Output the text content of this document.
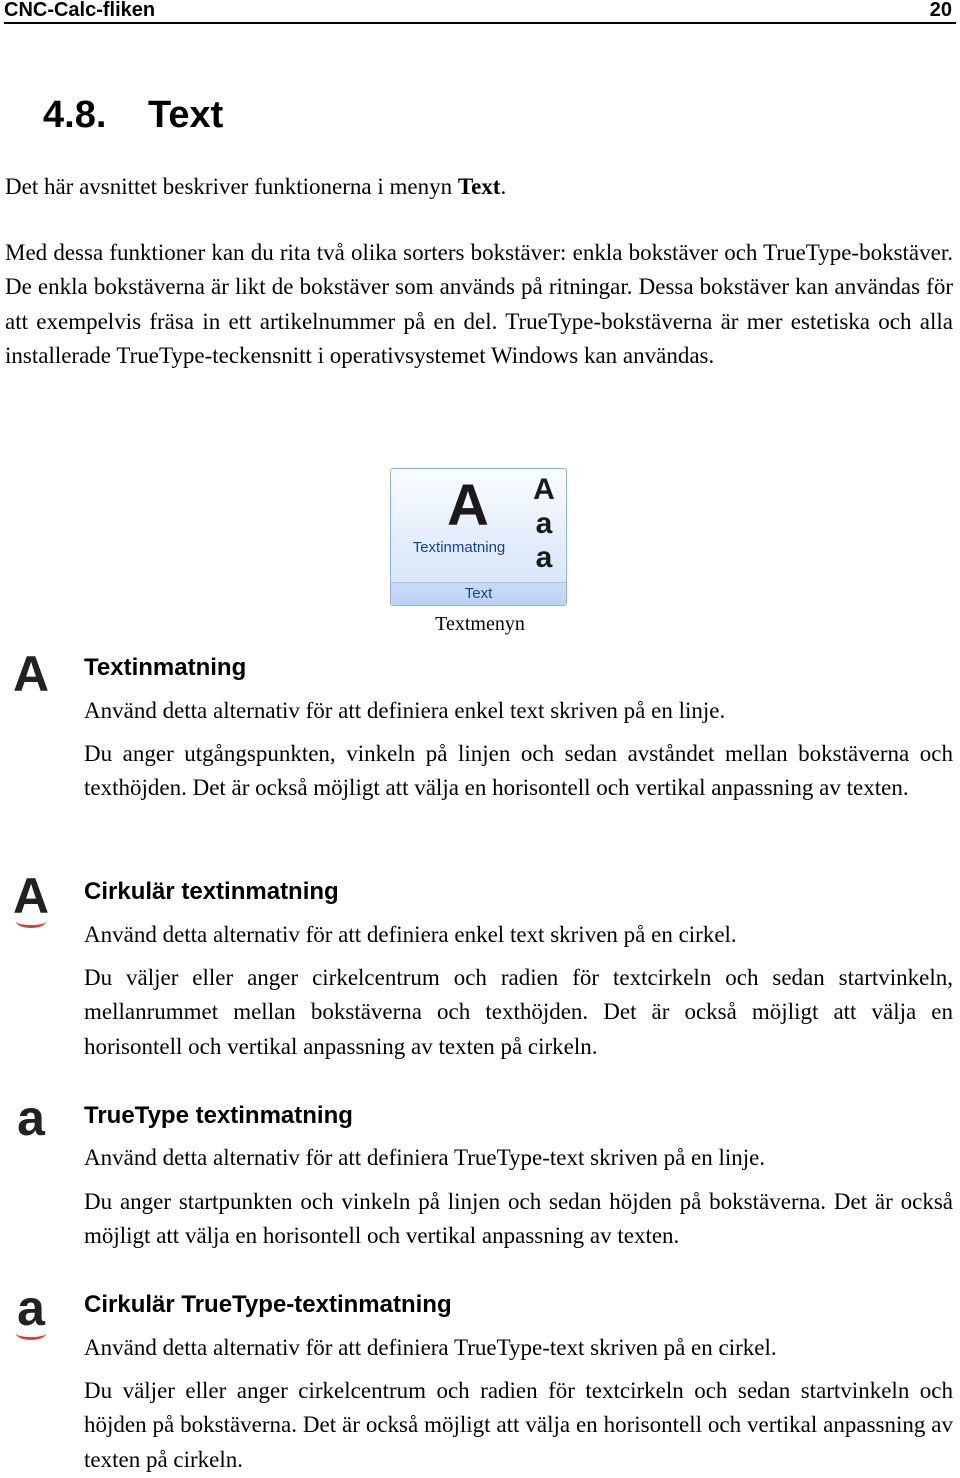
CNC-Calc-fliken	20
4.8. Text

Det här avsnittet beskriver funktionerna i menyn Text.

Med dessa funktioner kan du rita två olika sorters bokstäver: enkla bokstäver och TrueType-bokstäver. De enkla bokstäverna är likt de bokstäver som används på ritningar. Dessa bokstäver kan användas för att exempelvis fräsa in ett artikelnummer på en del. TrueType-bokstäverna är mer estetiska och alla installerade TrueType-teckensnitt i operativsystemet Windows kan användas.

A
Textinmatning
A
a
a
Text
Textmenyn
A Textinmatning

Använd detta alternativ för att definiera enkel text skriven på en linje.

Du anger utgångspunkten, vinkeln på linjen och sedan avståndet mellan bokstäverna och texthöjden. Det är också möjligt att välja en horisontell och vertikal anpassning av texten.

A Cirkulär textinmatning

Använd detta alternativ för att definiera enkel text skriven på en cirkel.

Du väljer eller anger cirkelcentrum och radien för textcirkeln och sedan startvinkeln, mellanrummet mellan bokstäverna och texthöjden. Det är också möjligt att välja en horisontell och vertikal anpassning av texten på cirkeln.

a	TrueType textinmatning

Använd detta alternativ för att definiera TrueType-text skriven på en linje.

Du anger startpunkten och vinkeln på linjen och sedan höjden på bokstäverna. Det är också möjligt att välja en horisontell och vertikal anpassning av texten.

a	Cirkulär TrueType-textinmatning

Använd detta alternativ för att definiera TrueType-text skriven på en cirkel.

Du väljer eller anger cirkelcentrum och radien för textcirkeln och sedan startvinkeln och höjden på bokstäverna. Det är också möjligt att välja en horisontell och vertikal anpassning av texten på cirkeln.
